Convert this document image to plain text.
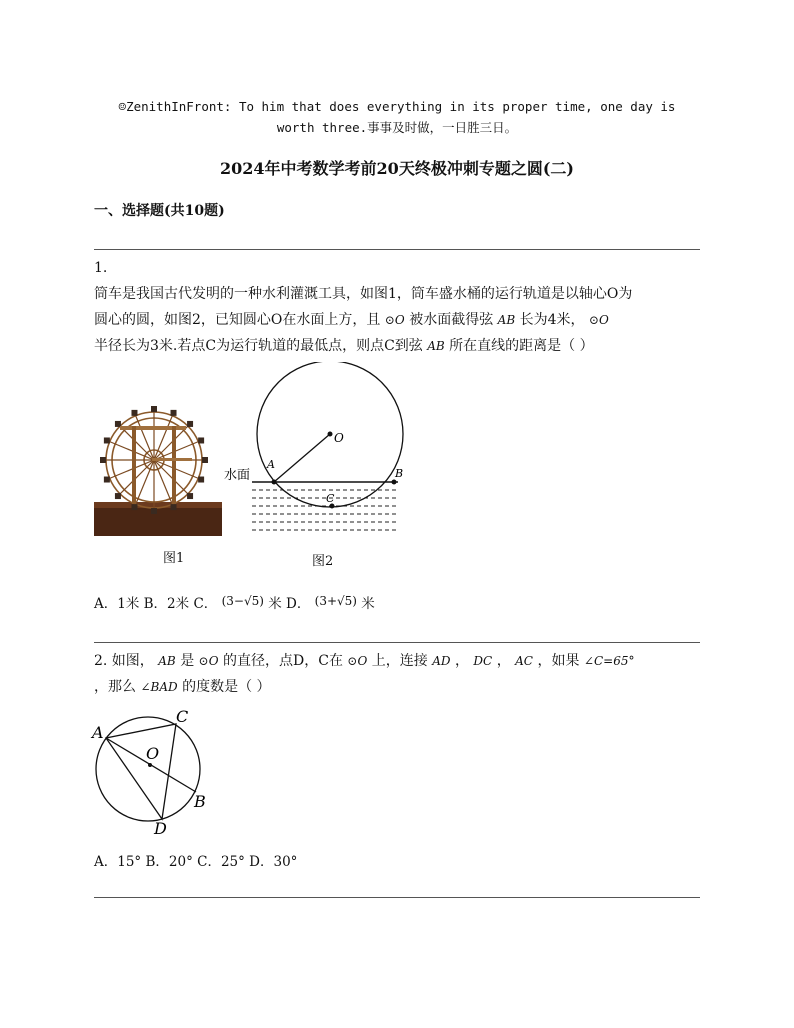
☺ZenithInFront: To him that does everything in its proper time, one day is
worth three.事事及时做，一日胜三日。
2024年中考数学考前20天终极冲刺专题之圆(二)
一、选择题(共10题)
1.
筒车是我国古代发明的一种水利灌溉工具，如图1，筒车盛水桶的运行轨道是以轴心O为
圆心的圆，如图2，已知圆心O在水面上方，且 ⊙O 被水面截得弦 AB 长为4米， ⊙O
半径长为3米.若点C为运行轨道的最低点，则点C到弦 AB 所在直线的距离是（ ）
O
A
B
C
水面
图1	图2
A．1米 B．2米 C． (3−√5) 米 D． (3+√5) 米
2. 如图， AB 是 ⊙O 的直径，点D，C在 ⊙O 上，连接 AD ， DC ， AC ，如果 ∠C=65°
，那么 ∠BAD 的度数是（ ）
A
C
O
B
D
A．15° B．20° C．25° D．30°
